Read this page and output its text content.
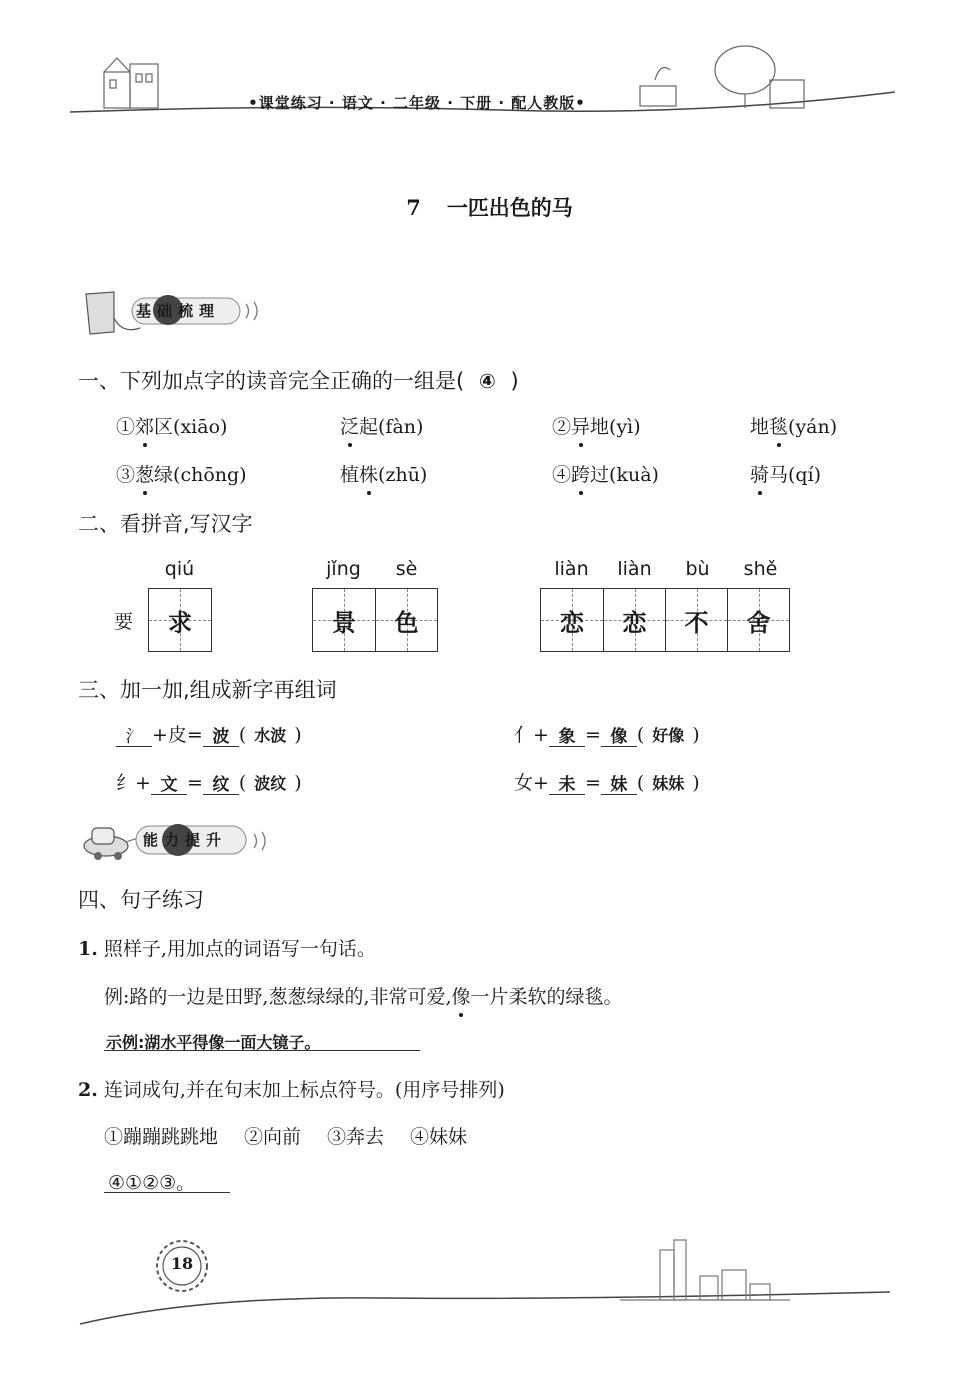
•课堂练习 · 语文 · 二年级 · 下册 · 配人教版•
7 一匹出色的马
基础梳理
一、下列加点字的读音完全正确的一组是( ④ )
①郊区(xiāo)	泛起(fàn)	②异地(yì)	地毯(yán)
③葱绿(chōng)	植株(zhū)	④跨过(kuà)	骑马(qí)
二、看拼音,写汉字
qiú	jǐng	sè	liàn	liàn	bù	shě
要	求	景	色	恋	恋	不	舍
三、加一加,组成新字再组词
氵 +皮= 波 ( 水波 )	亻+ 象 = 像 ( 好像 )
纟+ 文 = 纹 ( 波纹 )	女+ 未 = 妹 ( 妹妹 )
能力提升
四、句子练习
1. 照样子,用加点的词语写一句话。
例:路的一边是田野,葱葱绿绿的,非常可爱,像一片柔软的绿毯。
示例:湖水平得像一面大镜子。
2. 连词成句,并在句末加上标点符号。(用序号排列)
①蹦蹦跳跳地 ②向前 ③奔去 ④妹妹
④①②③。
18
